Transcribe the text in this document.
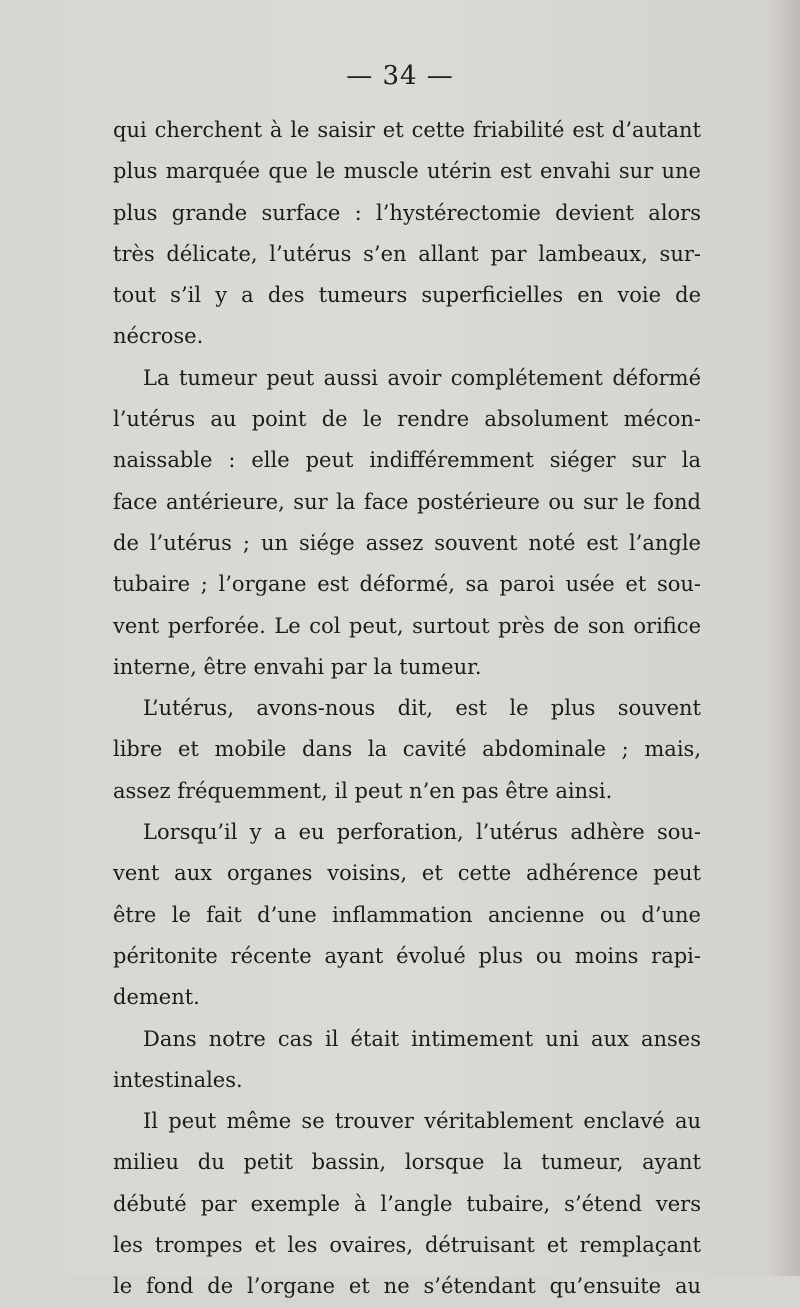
— 34 —
qui cherchent à le saisir et cette friabilité est d’autant
plus marquée que le muscle utérin est envahi sur une
plus grande surface : l’hystérectomie devient alors
très délicate, l’utérus s’en allant par lambeaux, sur-
tout s’il y a des tumeurs superficielles en voie de
nécrose.
La tumeur peut aussi avoir complétement déformé
l’utérus au point de le rendre absolument mécon-
naissable : elle peut indifféremment siéger sur la
face antérieure, sur la face postérieure ou sur le fond
de l’utérus ; un siége assez souvent noté est l’angle
tubaire ; l’organe est déformé, sa paroi usée et sou-
vent perforée. Le col peut, surtout près de son orifice
interne, être envahi par la tumeur.
L’utérus, avons-nous dit, est le plus souvent
libre et mobile dans la cavité abdominale ; mais,
assez fréquemment, il peut n’en pas être ainsi.
Lorsqu’il y a eu perforation, l’utérus adhère sou-
vent aux organes voisins, et cette adhérence peut
être le fait d’une inflammation ancienne ou d’une
péritonite récente ayant évolué plus ou moins rapi-
dement.
Dans notre cas il était intimement uni aux anses
intestinales.
Il peut même se trouver véritablement enclavé au
milieu du petit bassin, lorsque la tumeur, ayant
débuté par exemple à l’angle tubaire, s’étend vers
les trompes et les ovaires, détruisant et remplaçant
le fond de l’organe et ne s’étendant qu’ensuite au
